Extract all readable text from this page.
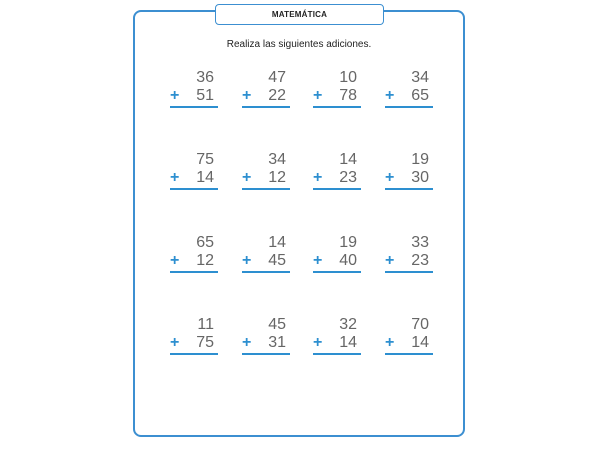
MATEMÁTICA
Realiza las siguientes adiciones.
36
+ 51
47
+ 22
10
+ 78
34
+ 65
75
+ 14
34
+ 12
14
+ 23
19
+ 30
65
+ 12
14
+ 45
19
+ 40
33
+ 23
11
+ 75
45
+ 31
32
+ 14
70
+ 14
